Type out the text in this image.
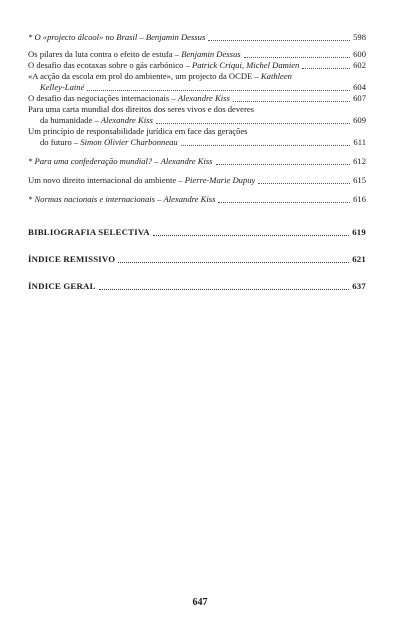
* O «projecto álcool» no Brasil – Benjamin Dessus	598
Os pilares da luta contra o efeito de estufa – Benjamin Dessus	600
O desafio das ecotaxas sobre o gás carbónico – Patrick Criqui, Michel Damien	602
«A acção da escola em prol do ambiente», um projecto da OCDE – Kathleen
Kelley-Lainé	604
O desafio das negociações internacionais – Alexandre Kiss	607
Para uma carta mundial dos direitos dos seres vivos e dos deveres
da humanidade – Alexandre Kiss	609
Um princípio de responsabilidade jurídica em face das gerações
do futuro – Simon Olivier Charbonneau	611
* Para uma confederação mundial? – Alexandre Kiss	612
Um novo direito internacional do ambiente – Pierre-Marie Dupuy	615
* Normas nacionais e internacionais – Alexandre Kiss	616
BIBLIOGRAFIA SELECTIVA	619
ÍNDICE REMISSIVO	621
ÍNDICE GERAL	637
647
